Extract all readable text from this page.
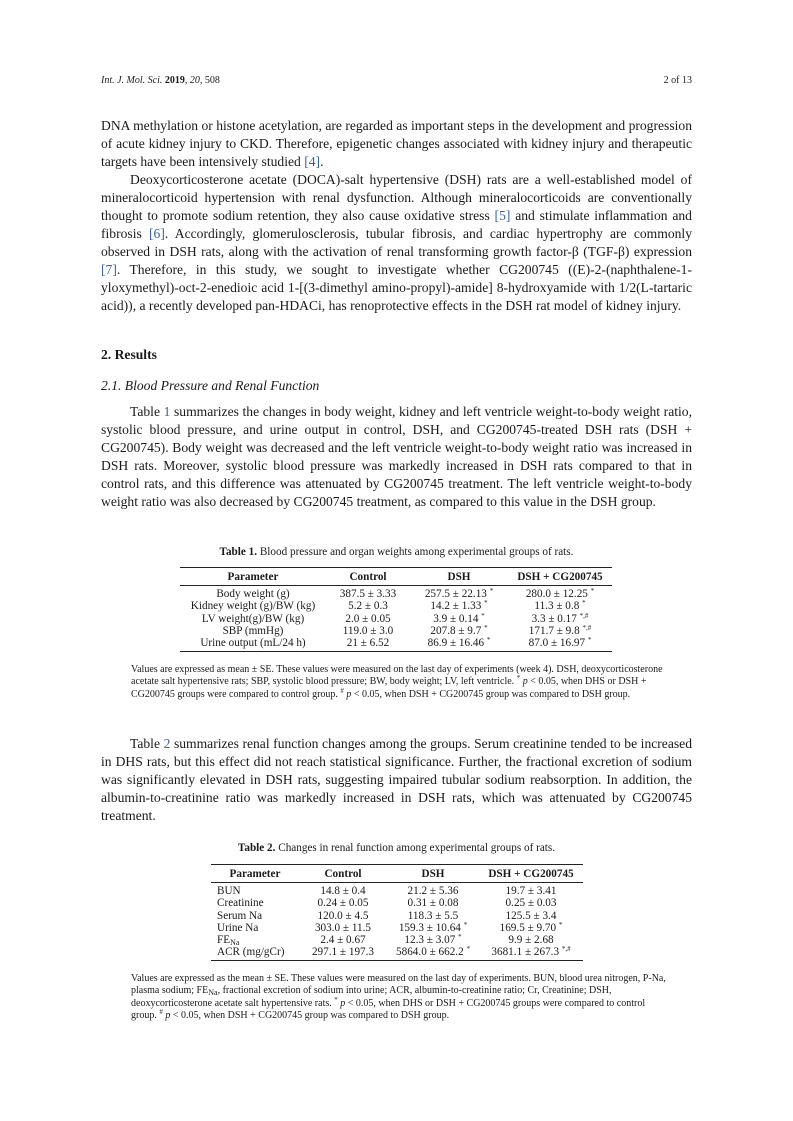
Int. J. Mol. Sci. 2019, 20, 508	2 of 13

DNA methylation or histone acetylation, are regarded as important steps in the development and progression of acute kidney injury to CKD. Therefore, epigenetic changes associated with kidney injury and therapeutic targets have been intensively studied [4].

Deoxycorticosterone acetate (DOCA)-salt hypertensive (DSH) rats are a well-established model of mineralocorticoid hypertension with renal dysfunction. Although mineralocorticoids are conventionally thought to promote sodium retention, they also cause oxidative stress [5] and stimulate inflammation and fibrosis [6]. Accordingly, glomerulosclerosis, tubular fibrosis, and cardiac hypertrophy are commonly observed in DSH rats, along with the activation of renal transforming growth factor-β (TGF-β) expression [7]. Therefore, in this study, we sought to investigate whether CG200745 ((E)-2-(naphthalene-1-yloxymethyl)-oct-2-enedioic acid 1-[(3-dimethyl amino-propyl)-amide] 8-hydroxyamide with 1/2(L-tartaric acid)), a recently developed pan-HDACi, has renoprotective effects in the DSH rat model of kidney injury.

2. Results
2.1. Blood Pressure and Renal Function

Table 1 summarizes the changes in body weight, kidney and left ventricle weight-to-body weight ratio, systolic blood pressure, and urine output in control, DSH, and CG200745-treated DSH rats (DSH + CG200745). Body weight was decreased and the left ventricle weight-to-body weight ratio was increased in DSH rats. Moreover, systolic blood pressure was markedly increased in DSH rats compared to that in control rats, and this difference was attenuated by CG200745 treatment. The left ventricle weight-to-body weight ratio was also decreased by CG200745 treatment, as compared to this value in the DSH group.

Table 1. Blood pressure and organ weights among experimental groups of rats.
Parameter	Control	DSH	DSH + CG200745
Body weight (g)	387.5 ± 3.33	257.5 ± 22.13 *	280.0 ± 12.25 *
Kidney weight (g)/BW (kg)	5.2 ± 0.3	14.2 ± 1.33 *	11.3 ± 0.8 *
LV weight(g)/BW (kg)	2.0 ± 0.05	3.9 ± 0.14 *	3.3 ± 0.17 *,#
SBP (mmHg)	119.0 ± 3.0	207.8 ± 9.7 *	171.7 ± 9.8 *,#
Urine output (mL/24 h)	21 ± 6.52	86.9 ± 16.46 *	87.0 ± 16.97 *
Values are expressed as mean ± SE. These values were measured on the last day of experiments (week 4). DSH, deoxycorticosterone acetate salt hypertensive rats; SBP, systolic blood pressure; BW, body weight; LV, left ventricle. * p < 0.05, when DHS or DSH + CG200745 groups were compared to control group. # p < 0.05, when DSH + CG200745 group was compared to DSH group.

Table 2 summarizes renal function changes among the groups. Serum creatinine tended to be increased in DHS rats, but this effect did not reach statistical significance. Further, the fractional excretion of sodium was significantly elevated in DSH rats, suggesting impaired tubular sodium reabsorption. In addition, the albumin-to-creatinine ratio was markedly increased in DSH rats, which was attenuated by CG200745 treatment.

Table 2. Changes in renal function among experimental groups of rats.
Parameter	Control	DSH	DSH + CG200745
BUN	14.8 ± 0.4	21.2 ± 5.36	19.7 ± 3.41
Creatinine	0.24 ± 0.05	0.31 ± 0.08	0.25 ± 0.03
Serum Na	120.0 ± 4.5	118.3 ± 5.5	125.5 ± 3.4
Urine Na	303.0 ± 11.5	159.3 ± 10.64 *	169.5 ± 9.70 *
$FE_{Na}$	2.4 ± 0.67	12.3 ± 3.07 *	9.9 ± 2.68
ACR (mg/gCr)	297.1 ± 197.3	5864.0 ± 662.2 *	3681.1 ± 267.3 *,#
Values are expressed as the mean ± SE. These values were measured on the last day of experiments. BUN, blood urea nitrogen, P-Na, plasma sodium; $FE_{Na}$, fractional excretion of sodium into urine; ACR, albumin-to-creatinine ratio; Cr, Creatinine; DSH, deoxycorticosterone acetate salt hypertensive rats. * p < 0.05, when DHS or DSH + CG200745 groups were compared to control group. # p < 0.05, when DSH + CG200745 group was compared to DSH group.
